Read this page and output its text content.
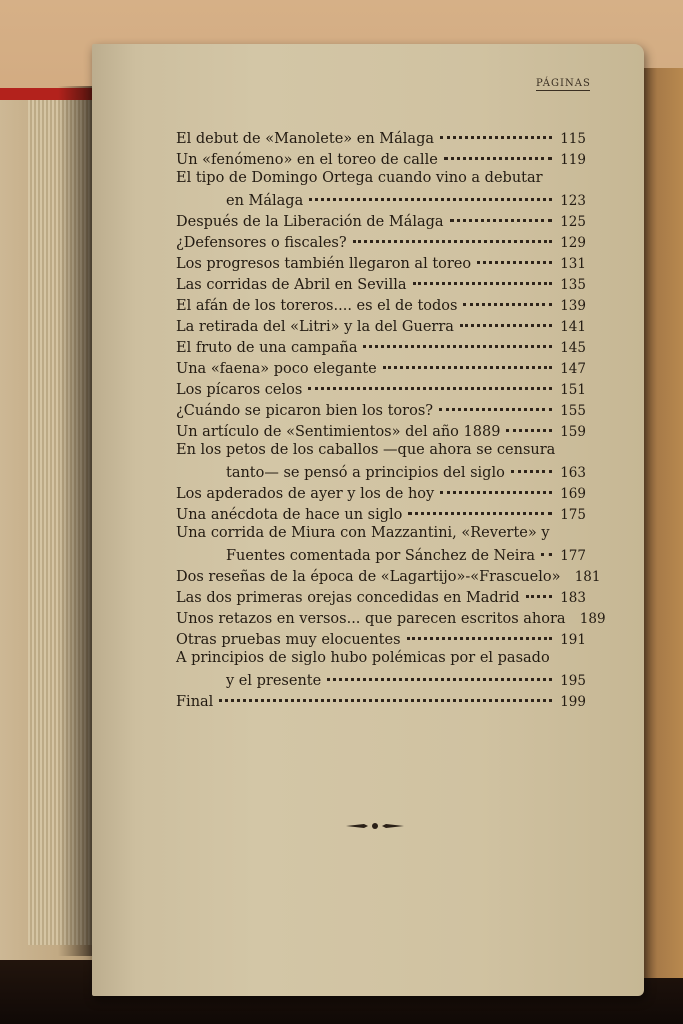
PÁGINAS
El debut de «Manolete» en Málaga	115
Un «fenómeno» en el toreo de calle	119
El tipo de Domingo Ortega cuando vino a debutar
en Málaga	123
Después de la Liberación de Málaga	125
¿Defensores o fiscales?	129
Los progresos también llegaron al toreo	131
Las corridas de Abril en Sevilla	135
El afán de los toreros.... es el de todos	139
La retirada del «Litri» y la del Guerra	141
El fruto de una campaña	145
Una «faena» poco elegante	147
Los pícaros celos	151
¿Cuándo se picaron bien los toros?	155
Un artículo de «Sentimientos» del año 1889	159
En los petos de los caballos —que ahora se censura
tanto— se pensó a principios del siglo	163
Los apderados de ayer y los de hoy	169
Una anécdota de hace un siglo	175
Una corrida de Miura con Mazzantini, «Reverte» y
Fuentes comentada por Sánchez de Neira 177
Dos reseñas de la época de «Lagartijo»-«Frascuelo» 181
Las dos primeras orejas concedidas en Madrid	183
Unos retazos en versos... que parecen escritos ahora 189
Otras pruebas muy elocuentes	191
A principios de siglo hubo polémicas por el pasado
y el presente	195
Final	199
